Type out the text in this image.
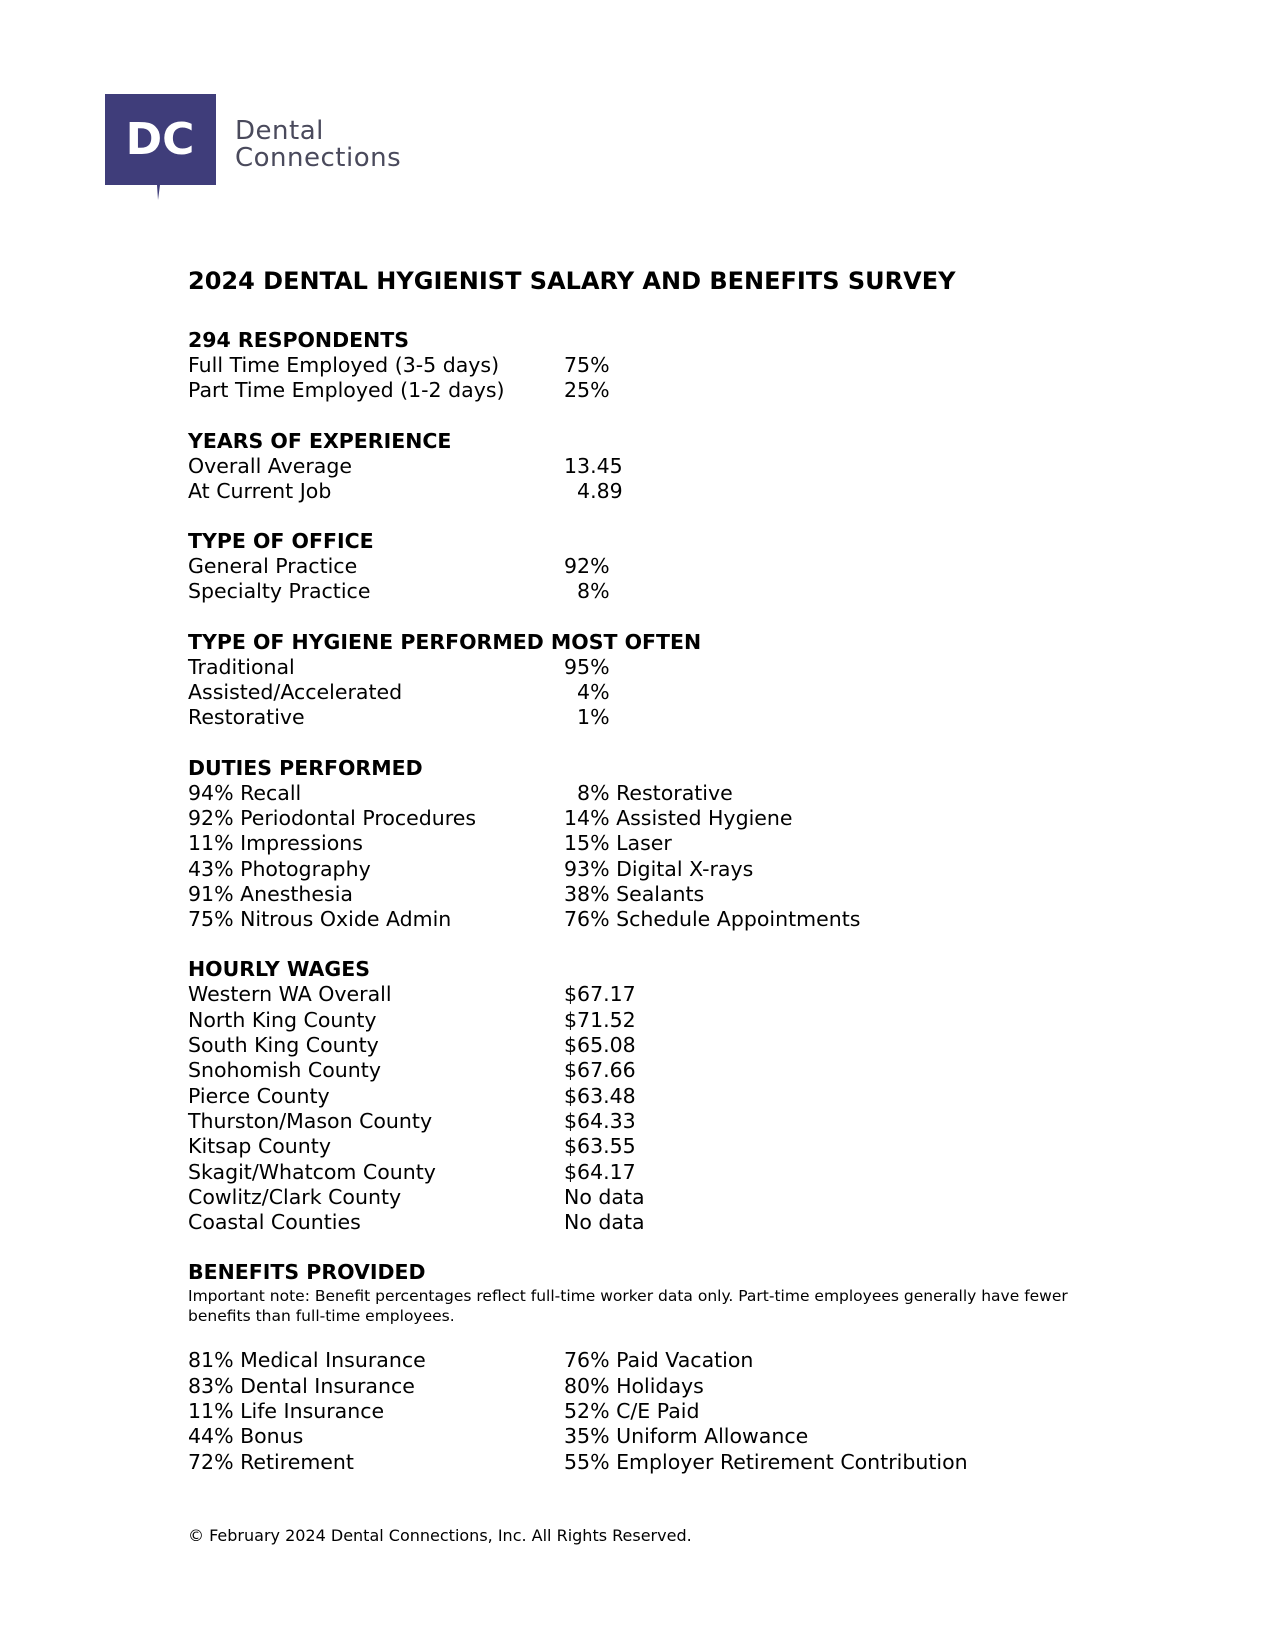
DC Dental
Connections
2024 DENTAL HYGIENIST SALARY AND BENEFITS SURVEY
294 RESPONDENTS
Full Time Employed (3-5 days)	75%
Part Time Employed (1-2 days)	25%
YEARS OF EXPERIENCE
Overall Average	13.45
At Current Job	4.89
TYPE OF OFFICE
General Practice	92%
Specialty Practice	8%
TYPE OF HYGIENE PERFORMED MOST OFTEN
Traditional	95%
Assisted/Accelerated	4%
Restorative	1%
DUTIES PERFORMED
94% Recall	8% Restorative
92% Periodontal Procedures	14% Assisted Hygiene
11% Impressions	15% Laser
43% Photography	93% Digital X-rays
91% Anesthesia	38% Sealants
75% Nitrous Oxide Admin	76% Schedule Appointments
HOURLY WAGES
Western WA Overall	$67.17
North King County	$71.52
South King County	$65.08
Snohomish County	$67.66
Pierce County	$63.48
Thurston/Mason County	$64.33
Kitsap County	$63.55
Skagit/Whatcom County	$64.17
Cowlitz/Clark County	No data
Coastal Counties	No data
BENEFITS PROVIDED
Important note: Benefit percentages reflect full-time worker data only. Part-time employees generally have fewer benefits than full-time employees.
81% Medical Insurance	76% Paid Vacation
83% Dental Insurance	80% Holidays
11% Life Insurance	52% C/E Paid
44% Bonus	35% Uniform Allowance
72% Retirement	55% Employer Retirement Contribution
© February 2024 Dental Connections, Inc. All Rights Reserved.
